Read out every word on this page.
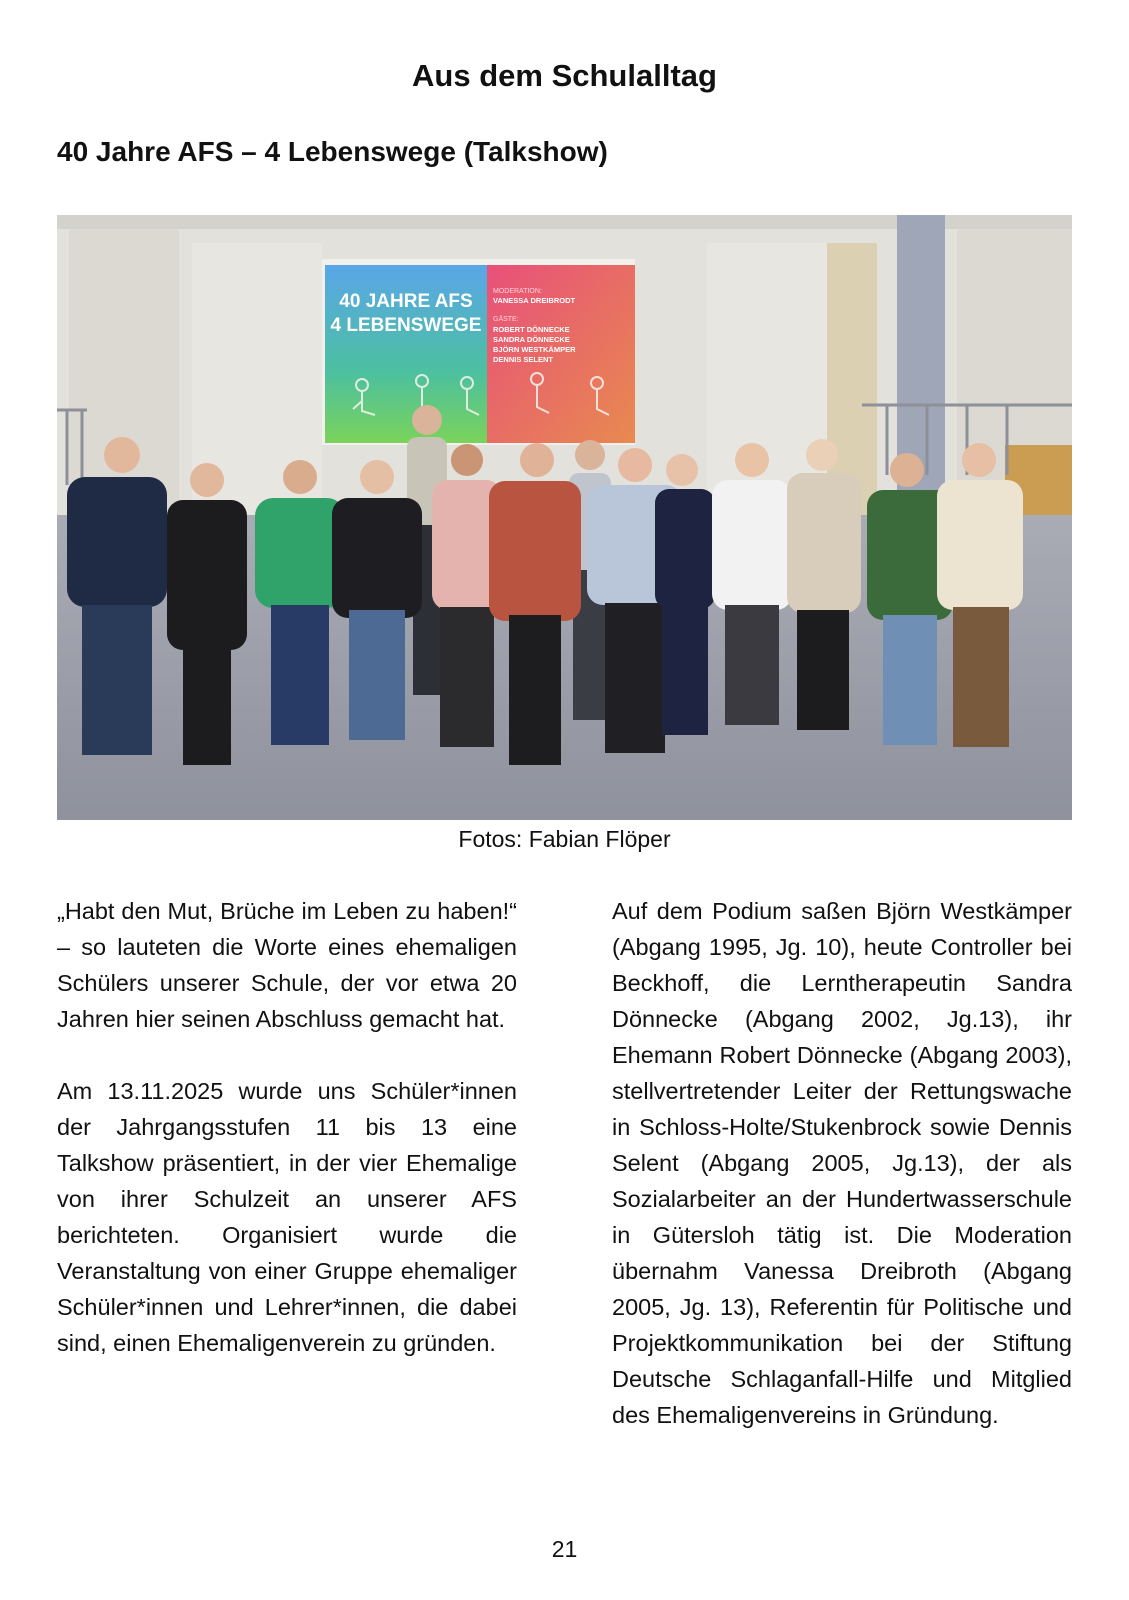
Aus dem Schulalltag
40 Jahre AFS – 4 Lebenswege (Talkshow)
40 JAHRE AFS
4 LEBENSWEGE
MODERATION:
VANESSA DREIBRODT
GÄSTE:
ROBERT DÖNNECKE
SANDRA DÖNNECKE
BJÖRN WESTKÄMPER
DENNIS SELENT
Fotos: Fabian Flöper

„Habt den Mut, Brüche im Leben zu haben!“ – so lauteten die Worte eines ehemaligen Schülers unserer Schule, der vor etwa 20 Jahren hier seinen Abschluss gemacht hat.

Am 13.11.2025 wurde uns Schüler*innen der Jahrgangsstufen 11 bis 13 eine Talkshow präsentiert, in der vier Ehemalige von ihrer Schulzeit an unserer AFS berichteten. Organisiert wurde die Veranstaltung von einer Gruppe ehemaliger Schüler*innen und Lehrer*innen, die dabei sind, einen Ehemaligenverein zu gründen.

Auf dem Podium saßen Björn Westkämper (Abgang 1995, Jg. 10), heute Controller bei Beckhoff, die Lerntherapeutin Sandra Dönnecke (Abgang 2002, Jg.13), ihr Ehemann Robert Dönnecke (Abgang 2003), stellvertretender Leiter der Rettungswache in Schloss-Holte/Stukenbrock sowie Dennis Selent (Abgang 2005, Jg.13), der als Sozialarbeiter an der Hundertwasserschule in Gütersloh tätig ist. Die Moderation übernahm Vanessa Dreibroth (Abgang 2005, Jg. 13), Referentin für Politische und Projektkommunikation bei der Stiftung Deutsche Schlaganfall-Hilfe und Mitglied des Ehemaligenvereins in Gründung.

21
